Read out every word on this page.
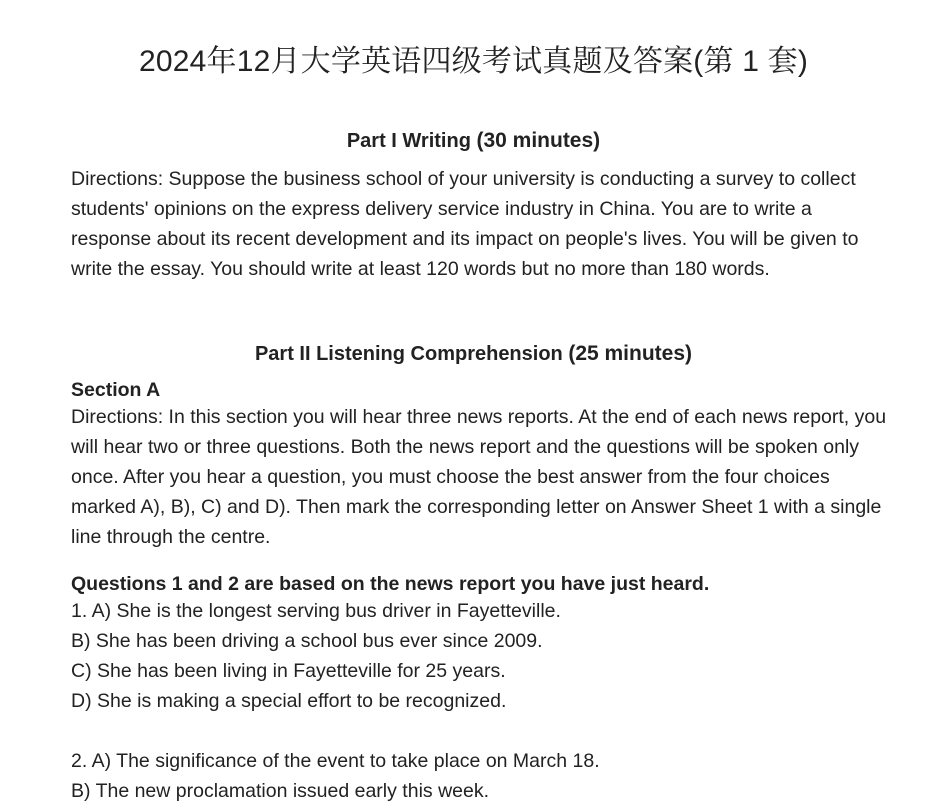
2024年12月大学英语四级考试真题及答案(第 1 套)
Part I Writing (30 minutes)
Directions: Suppose the business school of your university is conducting a survey to collect students' opinions on the express delivery service industry in China. You are to write a response about its recent development and its impact on people's lives. You will be given to write the essay. You should write at least 120 words but no more than 180 words.
Part II Listening Comprehension (25 minutes)
Section A
Directions: In this section you will hear three news reports. At the end of each news report, you will hear two or three questions. Both the news report and the questions will be spoken only once. After you hear a question, you must choose the best answer from the four choices marked A), B), C) and D). Then mark the corresponding letter on Answer Sheet 1 with a single line through the centre.
Questions 1 and 2 are based on the news report you have just heard.
1. A) She is the longest serving bus driver in Fayetteville.
B) She has been driving a school bus ever since 2009.
C) She has been living in Fayetteville for 25 years.
D) She is making a special effort to be recognized.
2. A) The significance of the event to take place on March 18.
B) The new proclamation issued early this week.
